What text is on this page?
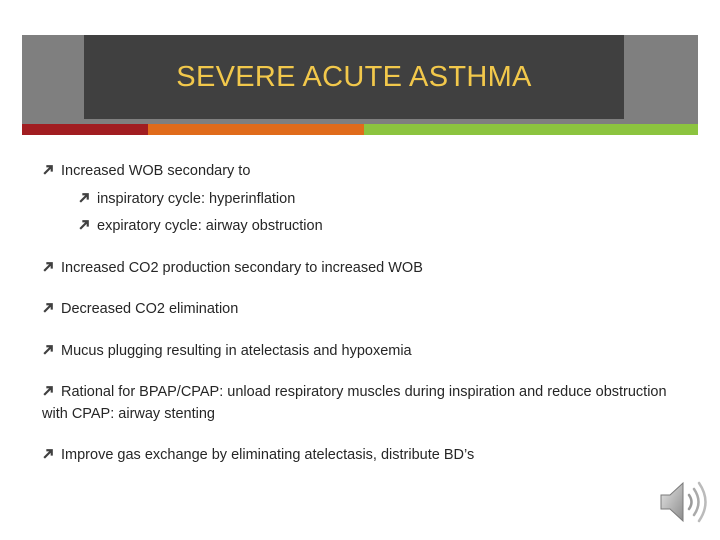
SEVERE ACUTE ASTHMA
Increased WOB secondary to
inspiratory cycle: hyperinflation
expiratory cycle: airway obstruction
Increased CO2 production secondary to increased WOB
Decreased CO2 elimination
Mucus plugging resulting in atelectasis and hypoxemia
Rational for BPAP/CPAP: unload respiratory muscles during inspiration and reduce obstruction with CPAP: airway stenting
Improve gas exchange by eliminating atelectasis, distribute BD’s
